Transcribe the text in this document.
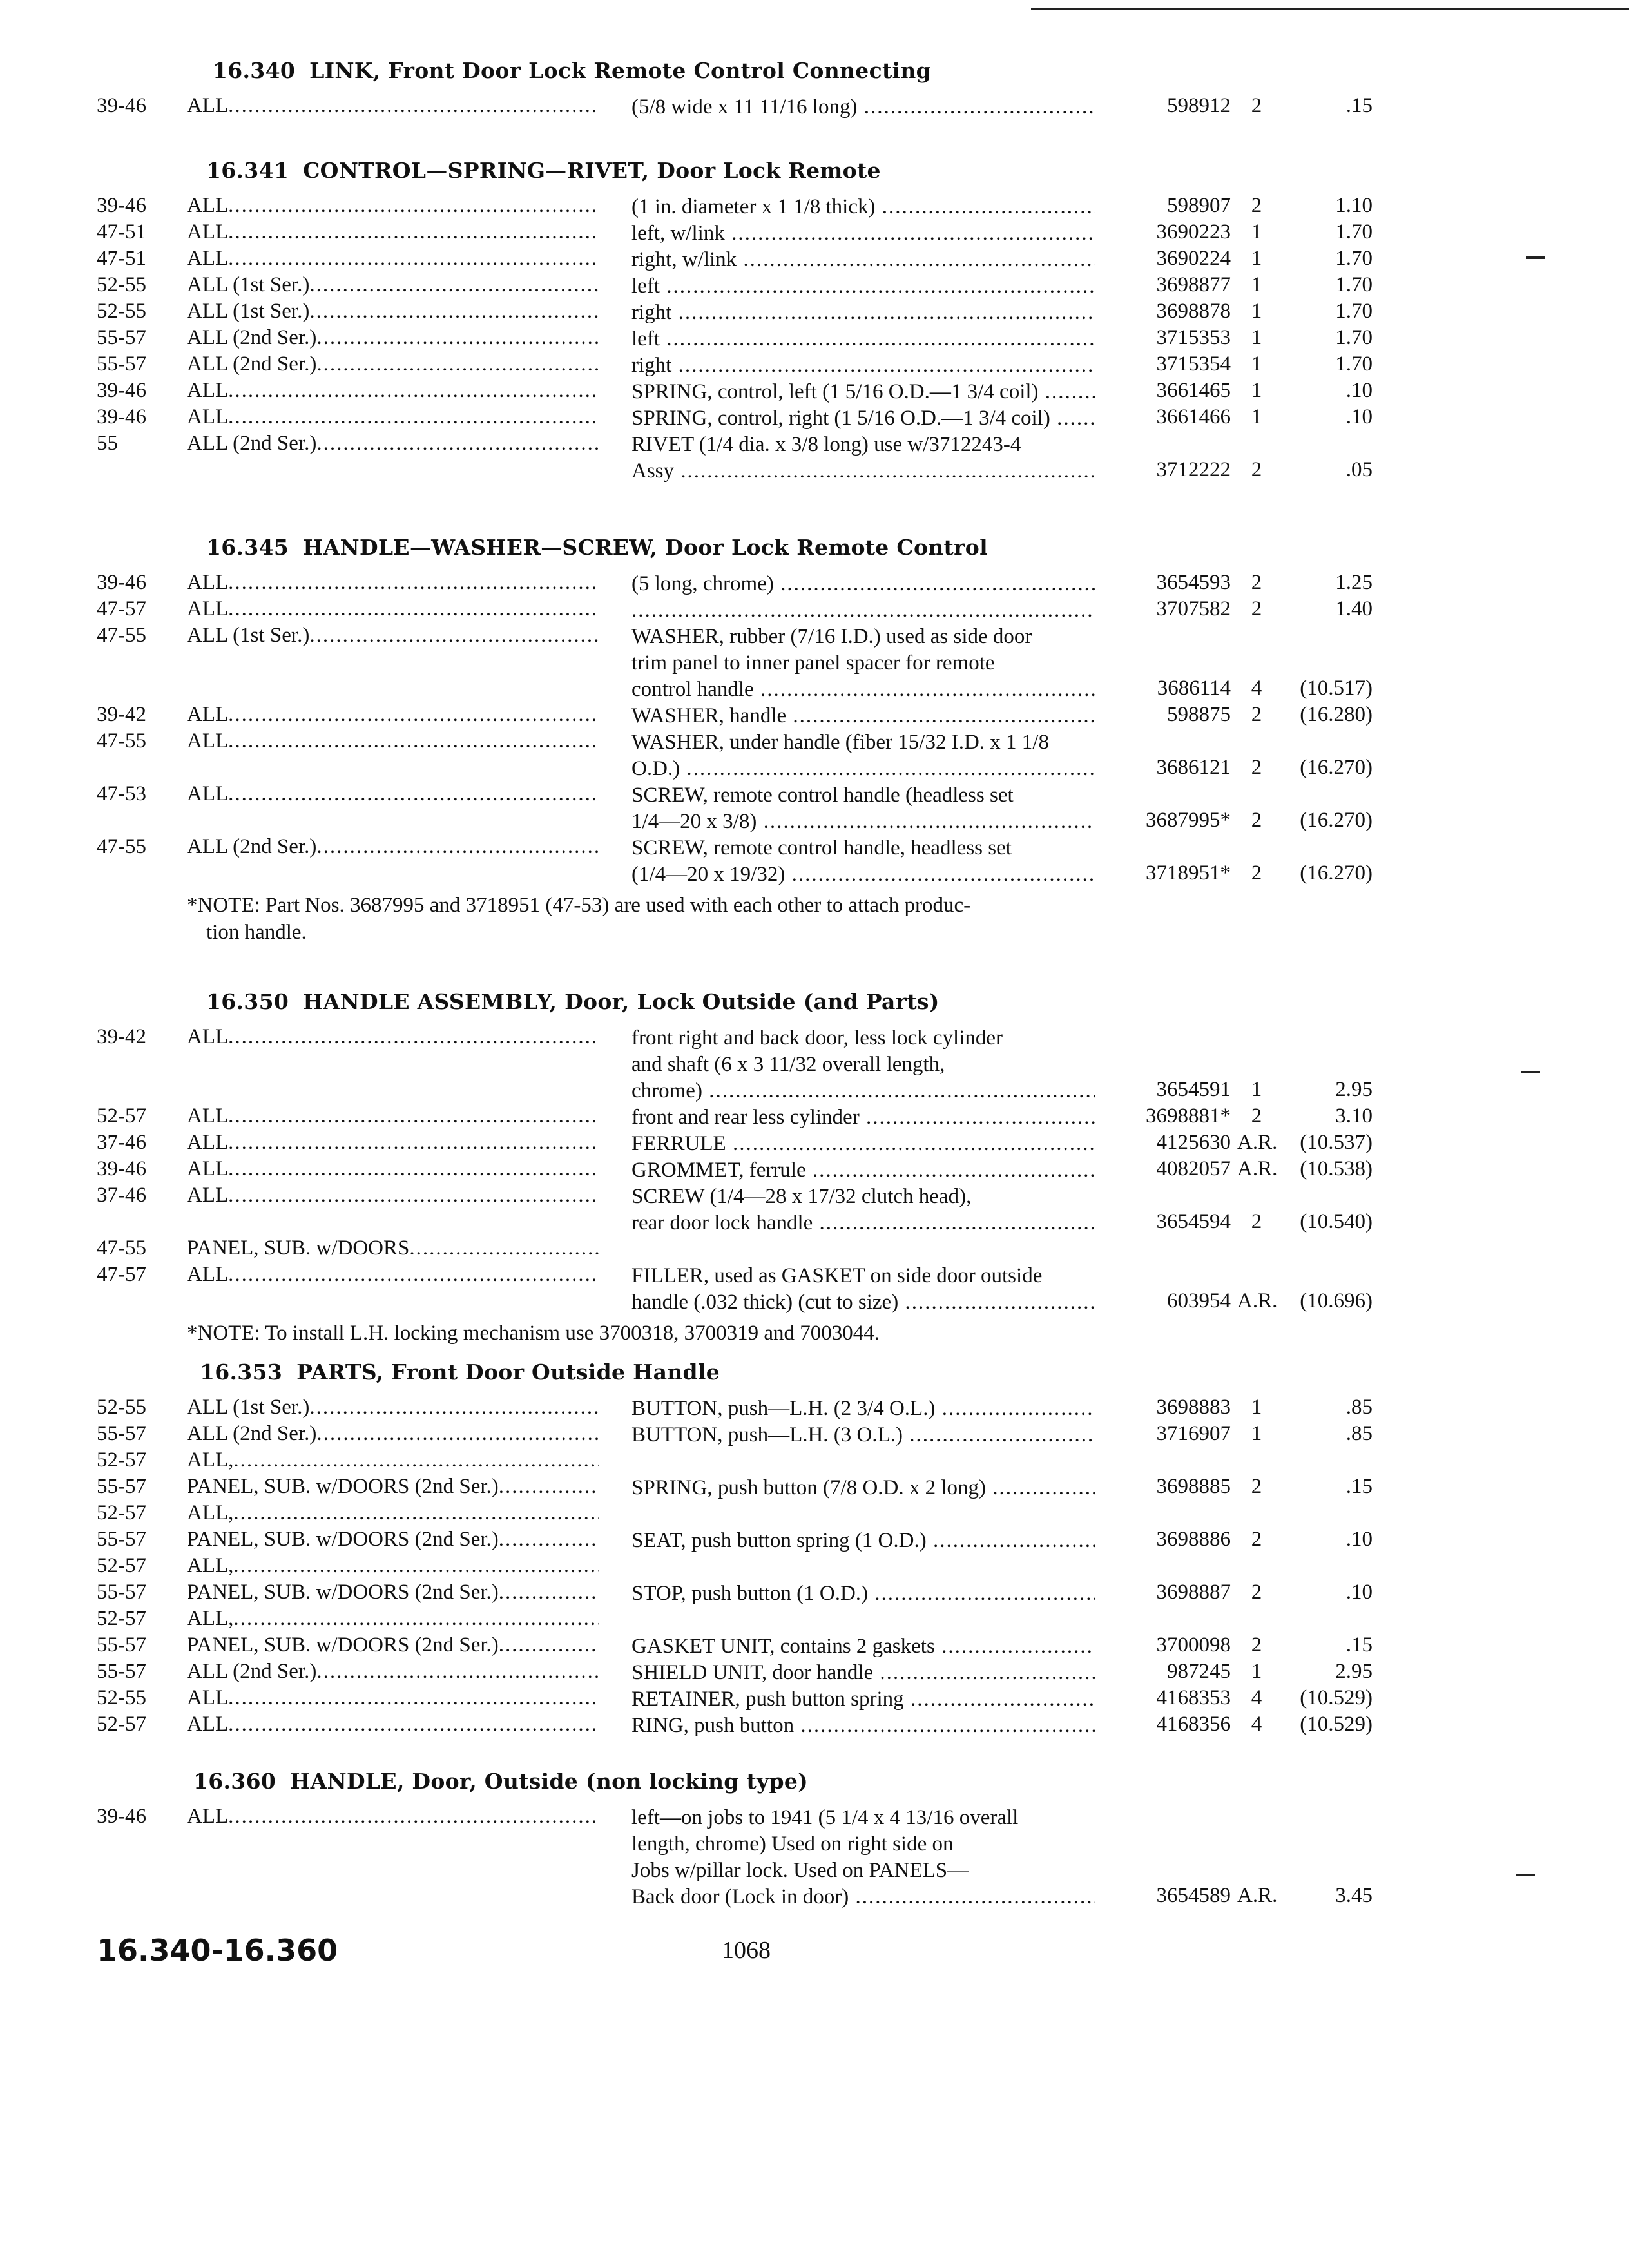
16.340 LINK, Front Door Lock Remote Control Connecting
39-46 ALL .....	(5/8 wide x 11 11/16 long) .....	598912 2	.15
16.341 CONTROL—SPRING—RIVET, Door Lock Remote
39-46 ALL .....	(1 in. diameter x 1 1/8 thick) .....	598907 2	1.10
47-51 ALL .....	left, w/link .....	3690223 1	1.70
47-51 ALL .....	right, w/link .....	3690224 1	1.70
52-55 ALL (1st Ser.) .....	left .....	3698877 1	1.70
52-55 ALL (1st Ser.) .....	right .....	3698878 1	1.70
55-57 ALL (2nd Ser.) .....	left .....	3715353 1	1.70
55-57 ALL (2nd Ser.) .....	right .....	3715354 1	1.70
39-46 ALL .....	SPRING, control, left (1 5/16 O.D.—1 3/4 coil) .....	3661465 1	.10
39-46 ALL .....	SPRING, control, right (1 5/16 O.D.—1 3/4 coil) .....	3661466 1	.10
55	ALL (2nd Ser.) .....	RIVET (1/4 dia. x 3/8 long) use w/3712243-4
Assy .....	3712222 2	.05
16.345 HANDLE—WASHER—SCREW, Door Lock Remote Control
39-46 ALL .....	(5 long, chrome) .....	3654593 2	1.25
47-57 ALL .....
.....	3707582 2	1.40
47-55 ALL (1st Ser.) .....	WASHER, rubber (7/16 I.D.) used as side door
trim panel to inner panel spacer for remote
control handle .....	3686114 4	(10.517)
39-42 ALL .....	WASHER, handle .....	598875 2	(16.280)
47-55 ALL .....	WASHER, under handle (fiber 15/32 I.D. x 1 1/8
O.D.) .....	3686121 2	(16.270)
47-53 ALL .....	SCREW, remote control handle (headless set
1/4—20 x 3/8) .....	3687995* 2	(16.270)
47-55 ALL (2nd Ser.) .....	SCREW, remote control handle, headless set
(1/4—20 x 19/32) .....	3718951* 2	(16.270)
*NOTE: Part Nos. 3687995 and 3718951 (47-53) are used with each other to attach produc-
tion handle.
16.350 HANDLE ASSEMBLY, Door, Lock Outside (and Parts)
39-42 ALL .....	front right and back door, less lock cylinder
and shaft (6 x 3 11/32 overall length,
chrome) .....	3654591 1	2.95
52-57 ALL .....	front and rear less cylinder .....	3698881* 2	3.10
37-46 ALL .....	FERRULE .....	4125630 A.R.	(10.537)
39-46 ALL .....	GROMMET, ferrule .....	4082057 A.R.	(10.538)
37-46 ALL .....	SCREW (1/4—28 x 17/32 clutch head),
rear door lock handle .....	3654594 2	(10.540)
47-55 PANEL, SUB. w/DOORS .....
47-57 ALL .....	FILLER, used as GASKET on side door outside
handle (.032 thick) (cut to size) .....	603954 A.R.	(10.696)
*NOTE: To install L.H. locking mechanism use 3700318, 3700319 and 7003044.
16.353 PARTS, Front Door Outside Handle
52-55 ALL (1st Ser.) .....	BUTTON, push—L.H. (2 3/4 O.L.) .....	3698883 1	.85
55-57 ALL (2nd Ser.) .....	BUTTON, push—L.H. (3 O.L.) .....	3716907 1	.85
52-57 ALL, .....
55-57 PANEL, SUB. w/DOORS (2nd Ser.) .....	SPRING, push button (7/8 O.D. x 2 long) .....	3698885 2	.15
52-57 ALL, .....
55-57 PANEL, SUB. w/DOORS (2nd Ser.) .....	SEAT, push button spring (1 O.D.) .....	3698886 2	.10
52-57 ALL, .....
55-57 PANEL, SUB. w/DOORS (2nd Ser.) .....	STOP, push button (1 O.D.) .....	3698887 2	.10
52-57 ALL, .....
55-57 PANEL, SUB. w/DOORS (2nd Ser.) .....	GASKET UNIT, contains 2 gaskets .....	3700098 2	.15
55-57 ALL (2nd Ser.) .....	SHIELD UNIT, door handle .....	987245 1	2.95
52-55 ALL .....	RETAINER, push button spring .....	4168353 4	(10.529)
52-57 ALL .....	RING, push button .....	4168356 4	(10.529)
16.360 HANDLE, Door, Outside (non locking type)
39-46 ALL .....	left—on jobs to 1941 (5 1/4 x 4 13/16 overall
length, chrome) Used on right side on
Jobs w/pillar lock. Used on PANELS—
Back door (Lock in door) .....	3654589 A.R.	3.45
16.340-16.360	1068
